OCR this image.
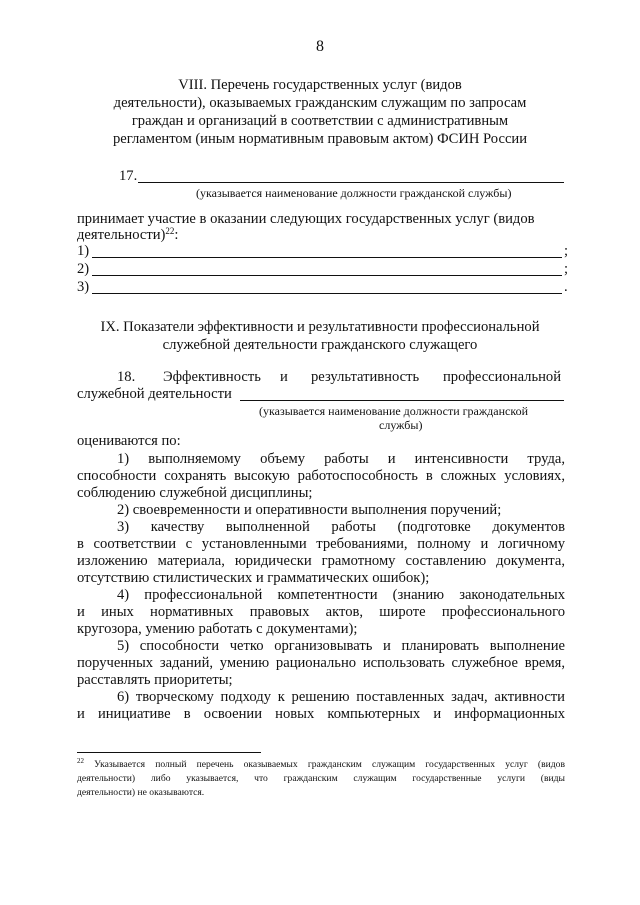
8
VIII. Перечень государственных услуг (видов
деятельности), оказываемых гражданским служащим по запросам
граждан и организаций в соответствии с административным
регламентом (иным нормативным правовым актом) ФСИН России
17.
(указывается наименование должности гражданской службы)
принимает участие в оказании следующих государственных услуг (видов
деятельности)$^{22}$:
1)	;
2)	;
3)	.
IX. Показатели эффективности и результативности профессиональной
служебной деятельности гражданского служащего
18. Эффективность и результативность профессиональной
служебной деятельности
(указывается наименование должности гражданской
службы)
оцениваются по:
1) выполняемому объему работы и интенсивности труда,
способности сохранять высокую работоспособность в сложных условиях,
соблюдению служебной дисциплины;
2) своевременности и оперативности выполнения поручений;
3) качеству выполненной работы (подготовке документов
в соответствии с установленными требованиями, полному и логичному
изложению материала, юридически грамотному составлению документа,
отсутствию стилистических и грамматических ошибок);
4) профессиональной компетентности (знанию законодательных
и иных нормативных правовых актов, широте профессионального
кругозора, умению работать с документами);
5) способности четко организовывать и планировать выполнение
порученных заданий, умению рационально использовать служебное время,
расставлять приоритеты;
6) творческому подходу к решению поставленных задач, активности
и инициативе в освоении новых компьютерных и информационных
$^{22}$ Указывается полный перечень оказываемых гражданским служащим государственных услуг (видов
деятельности) либо указывается, что гражданским служащим государственные услуги (виды
деятельности) не оказываются.
